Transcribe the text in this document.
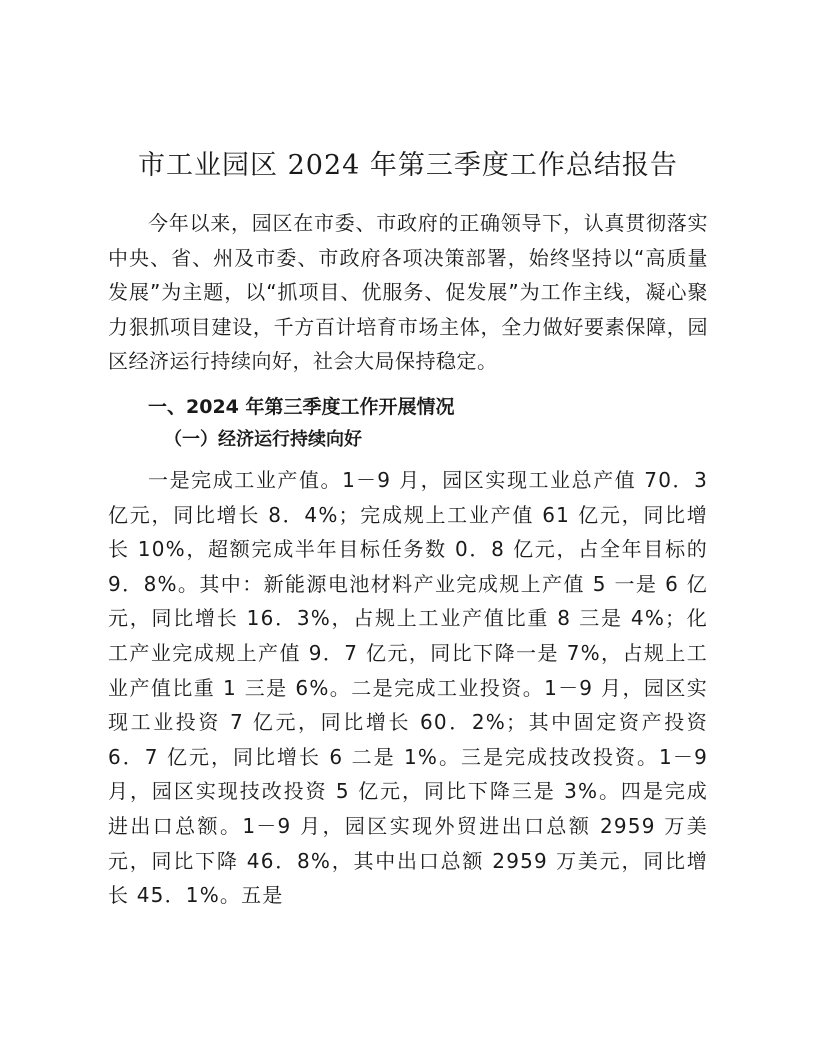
市工业园区 2024 年第三季度工作总结报告
今年以来，园区在市委、市政府的正确领导下，认真贯彻落实中央、省、州及市委、市政府各项决策部署，始终坚持以“高质量发展”为主题，以“抓项目、优服务、促发展”为工作主线，凝心聚力狠抓项目建设，千方百计培育市场主体，全力做好要素保障，园区经济运行持续向好，社会大局保持稳定。
一、2024 年第三季度工作开展情况
（一）经济运行持续向好
一是完成工业产值。1－9 月，园区实现工业总产值 70．3 亿元，同比增长 8．4%；完成规上工业产值 61 亿元，同比增长 10%，超额完成半年目标任务数 0．8 亿元，占全年目标的 9．8%。其中：新能源电池材料产业完成规上产值 5 一是 6 亿元，同比增长 16．3%，占规上工业产值比重 8 三是 4%；化工产业完成规上产值 9．7 亿元，同比下降一是 7%，占规上工业产值比重 1 三是 6%。二是完成工业投资。1－9 月，园区实现工业投资 7 亿元，同比增长 60．2%；其中固定资产投资 6．7 亿元，同比增长 6 二是 1%。三是完成技改投资。1－9 月，园区实现技改投资 5 亿元，同比下降三是 3%。四是完成进出口总额。1－9 月，园区实现外贸进出口总额 2959 万美元，同比下降 46．8%，其中出口总额 2959 万美元，同比增长 45．1%。五是
